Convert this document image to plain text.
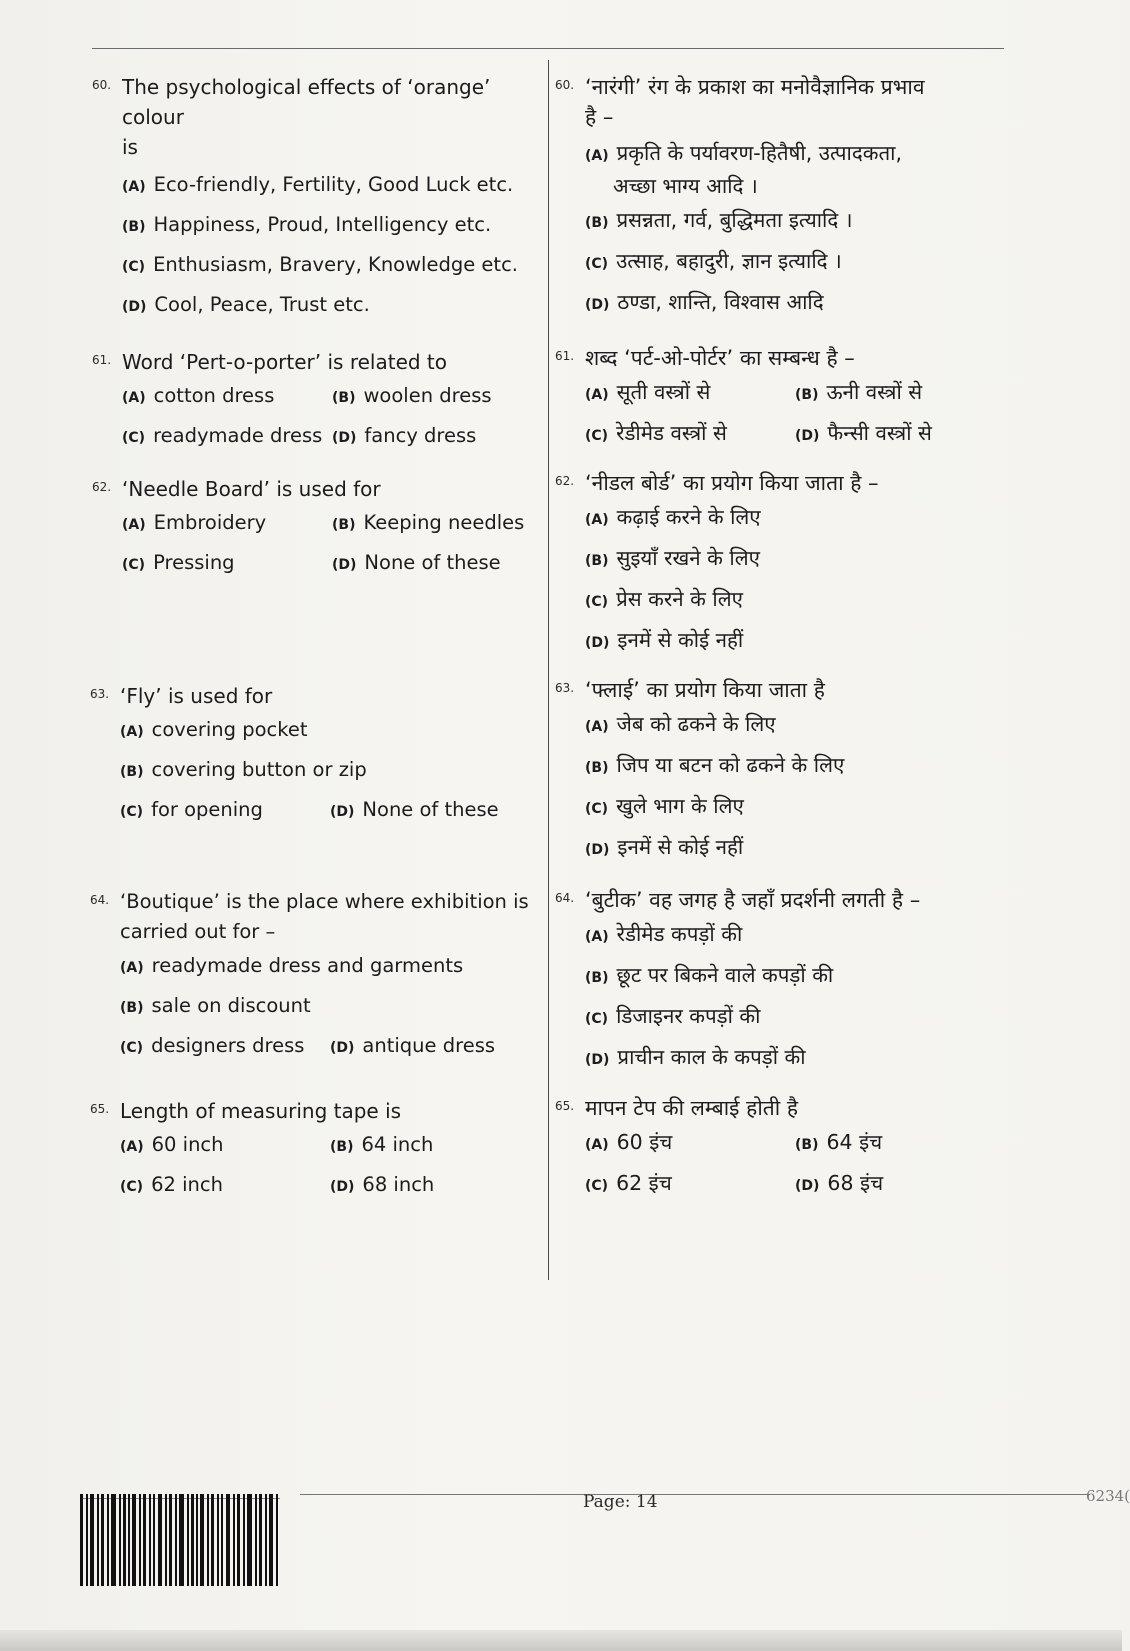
60. The psychological effects of ‘orange’ colour
is
(A) Eco-friendly, Fertility, Good Luck etc.
(B) Happiness, Proud, Intelligency etc.
(C) Enthusiasm, Bravery, Knowledge etc.
(D) Cool, Peace, Trust etc.
61. Word ‘Pert-o-porter’ is related to
(A) cotton dress	(B) woolen dress
(C) readymade dress (D) fancy dress
62. ‘Needle Board’ is used for
(A) Embroidery	(B) Keeping needles
(C) Pressing	(D) None of these
63. ‘Fly’ is used for
(A) covering pocket
(B) covering button or zip
(C) for opening	(D) None of these
64. ‘Boutique’ is the place where exhibition is
carried out for –
(A) readymade dress and garments
(B) sale on discount
(C) designers dress	(D) antique dress
65. Length of measuring tape is
(A) 60 inch	(B) 64 inch
(C) 62 inch	(D) 68 inch
60. ‘नारंगी’ रंग के प्रकाश का मनोवैज्ञानिक प्रभाव
है –
(A) प्रकृति के पर्यावरण-हितैषी, उत्पादकता,
अच्छा भाग्य आदि ।
(B) प्रसन्नता, गर्व, बुद्धिमता इत्यादि ।
(C) उत्साह, बहादुरी, ज्ञान इत्यादि ।
(D) ठण्डा, शान्ति, विश्वास आदि
61. शब्द ‘पर्ट-ओ-पोर्टर’ का सम्बन्ध है –
(A) सूती वस्त्रों से	(B) ऊनी वस्त्रों से
(C) रेडीमेड वस्त्रों से	(D) फैन्सी वस्त्रों से
62. ‘नीडल बोर्ड’ का प्रयोग किया जाता है –
(A) कढ़ाई करने के लिए
(B) सुइयाँ रखने के लिए
(C) प्रेस करने के लिए
(D) इनमें से कोई नहीं
63. ‘फ्लाई’ का प्रयोग किया जाता है
(A) जेब को ढकने के लिए
(B) जिप या बटन को ढकने के लिए
(C) खुले भाग के लिए
(D) इनमें से कोई नहीं
64. ‘बुटीक’ वह जगह है जहाँ प्रदर्शनी लगती है –
(A) रेडीमेड कपड़ों की
(B) छूट पर बिकने वाले कपड़ों की
(C) डिजाइनर कपड़ों की
(D) प्राचीन काल के कपड़ों की
65. मापन टेप की लम्बाई होती है
(A) 60 इंच	(B) 64 इंच
(C) 62 इंच	(D) 68 इंच
Page: 14	6234(
